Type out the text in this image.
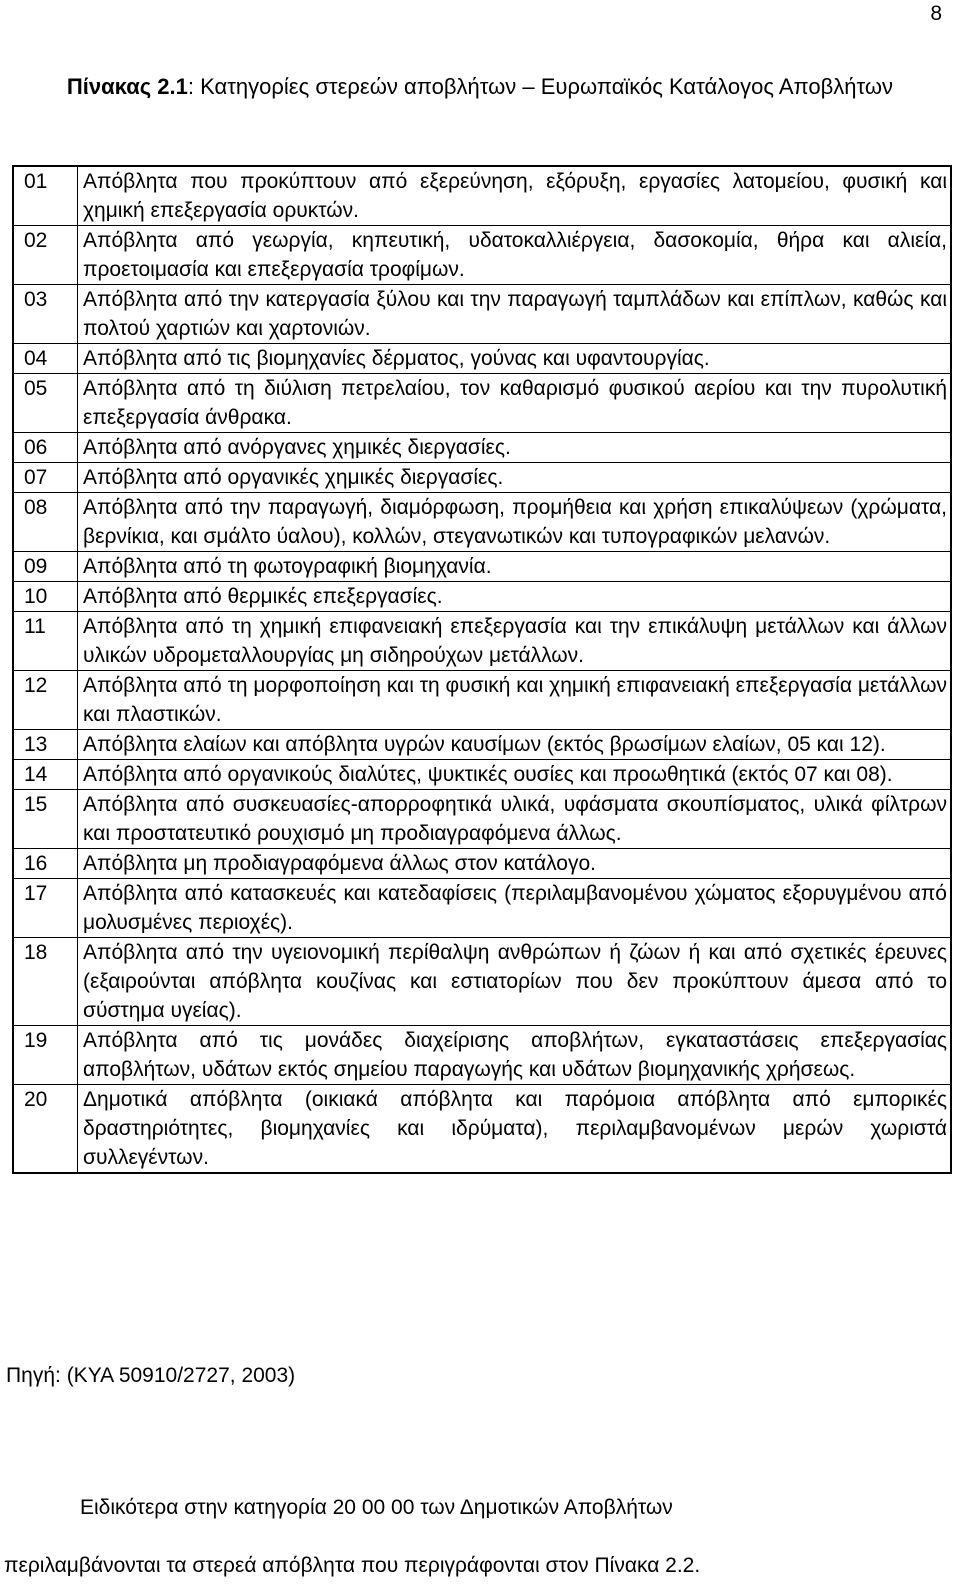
8
Πίνακας 2.1: Κατηγορίες στερεών αποβλήτων – Ευρωπαϊκός Κατάλογος Αποβλήτων
01	Απόβλητα που προκύπτουν από εξερεύνηση, εξόρυξη, εργασίες λατομείου, φυσική και χημική επεξεργασία ορυκτών.
02	Απόβλητα από γεωργία, κηπευτική, υδατοκαλλιέργεια, δασοκομία, θήρα και αλιεία, προετοιμασία και επεξεργασία τροφίμων.
03	Απόβλητα από την κατεργασία ξύλου και την παραγωγή ταμπλάδων και επίπλων, καθώς και πολτού χαρτιών και χαρτονιών.
04	Απόβλητα από τις βιομηχανίες δέρματος, γούνας και υφαντουργίας.
05	Απόβλητα από τη διύλιση πετρελαίου, τον καθαρισμό φυσικού αερίου και την πυρολυτική επεξεργασία άνθρακα.
06	Απόβλητα από ανόργανες χημικές διεργασίες.
07	Απόβλητα από οργανικές χημικές διεργασίες.
08	Απόβλητα από την παραγωγή, διαμόρφωση, προμήθεια και χρήση επικαλύψεων (χρώματα, βερνίκια, και σμάλτο ύαλου), κολλών, στεγανωτικών και τυπογραφικών μελανών.
09	Απόβλητα από τη φωτογραφική βιομηχανία.
10	Απόβλητα από θερμικές επεξεργασίες.
11	Απόβλητα από τη χημική επιφανειακή επεξεργασία και την επικάλυψη μετάλλων και άλλων υλικών υδρομεταλλουργίας μη σιδηρούχων μετάλλων.
12	Απόβλητα από τη μορφοποίηση και τη φυσική και χημική επιφανειακή επεξεργασία μετάλλων και πλαστικών.
13	Απόβλητα ελαίων και απόβλητα υγρών καυσίμων (εκτός βρωσίμων ελαίων, 05 και 12).
14	Απόβλητα από οργανικούς διαλύτες, ψυκτικές ουσίες και προωθητικά (εκτός 07 και 08).
15	Απόβλητα από συσκευασίες-απορροφητικά υλικά, υφάσματα σκουπίσματος, υλικά φίλτρων και προστατευτικό ρουχισμό μη προδιαγραφόμενα άλλως.
16	Απόβλητα μη προδιαγραφόμενα άλλως στον κατάλογο.
17	Απόβλητα από κατασκευές και κατεδαφίσεις (περιλαμβανομένου χώματος εξορυγμένου από μολυσμένες περιοχές).
18	Απόβλητα από την υγειονομική περίθαλψη ανθρώπων ή ζώων ή και από σχετικές έρευνες (εξαιρούνται απόβλητα κουζίνας και εστιατορίων που δεν προκύπτουν άμεσα από το σύστημα υγείας).
19	Απόβλητα από τις μονάδες διαχείρισης αποβλήτων, εγκαταστάσεις επεξεργασίας αποβλήτων, υδάτων εκτός σημείου παραγωγής και υδάτων βιομηχανικής χρήσεως.
20	Δημοτικά απόβλητα (οικιακά απόβλητα και παρόμοια απόβλητα από εμπορικές δραστηριότητες, βιομηχανίες και ιδρύματα), περιλαμβανομένων μερών χωριστά συλλεγέντων.
Πηγή: (ΚΥΑ 50910/2727, 2003)
Ειδικότερα στην κατηγορία 20 00 00 των Δημοτικών Αποβλήτων
περιλαμβάνονται τα στερεά απόβλητα που περιγράφονται στον Πίνακα 2.2.
